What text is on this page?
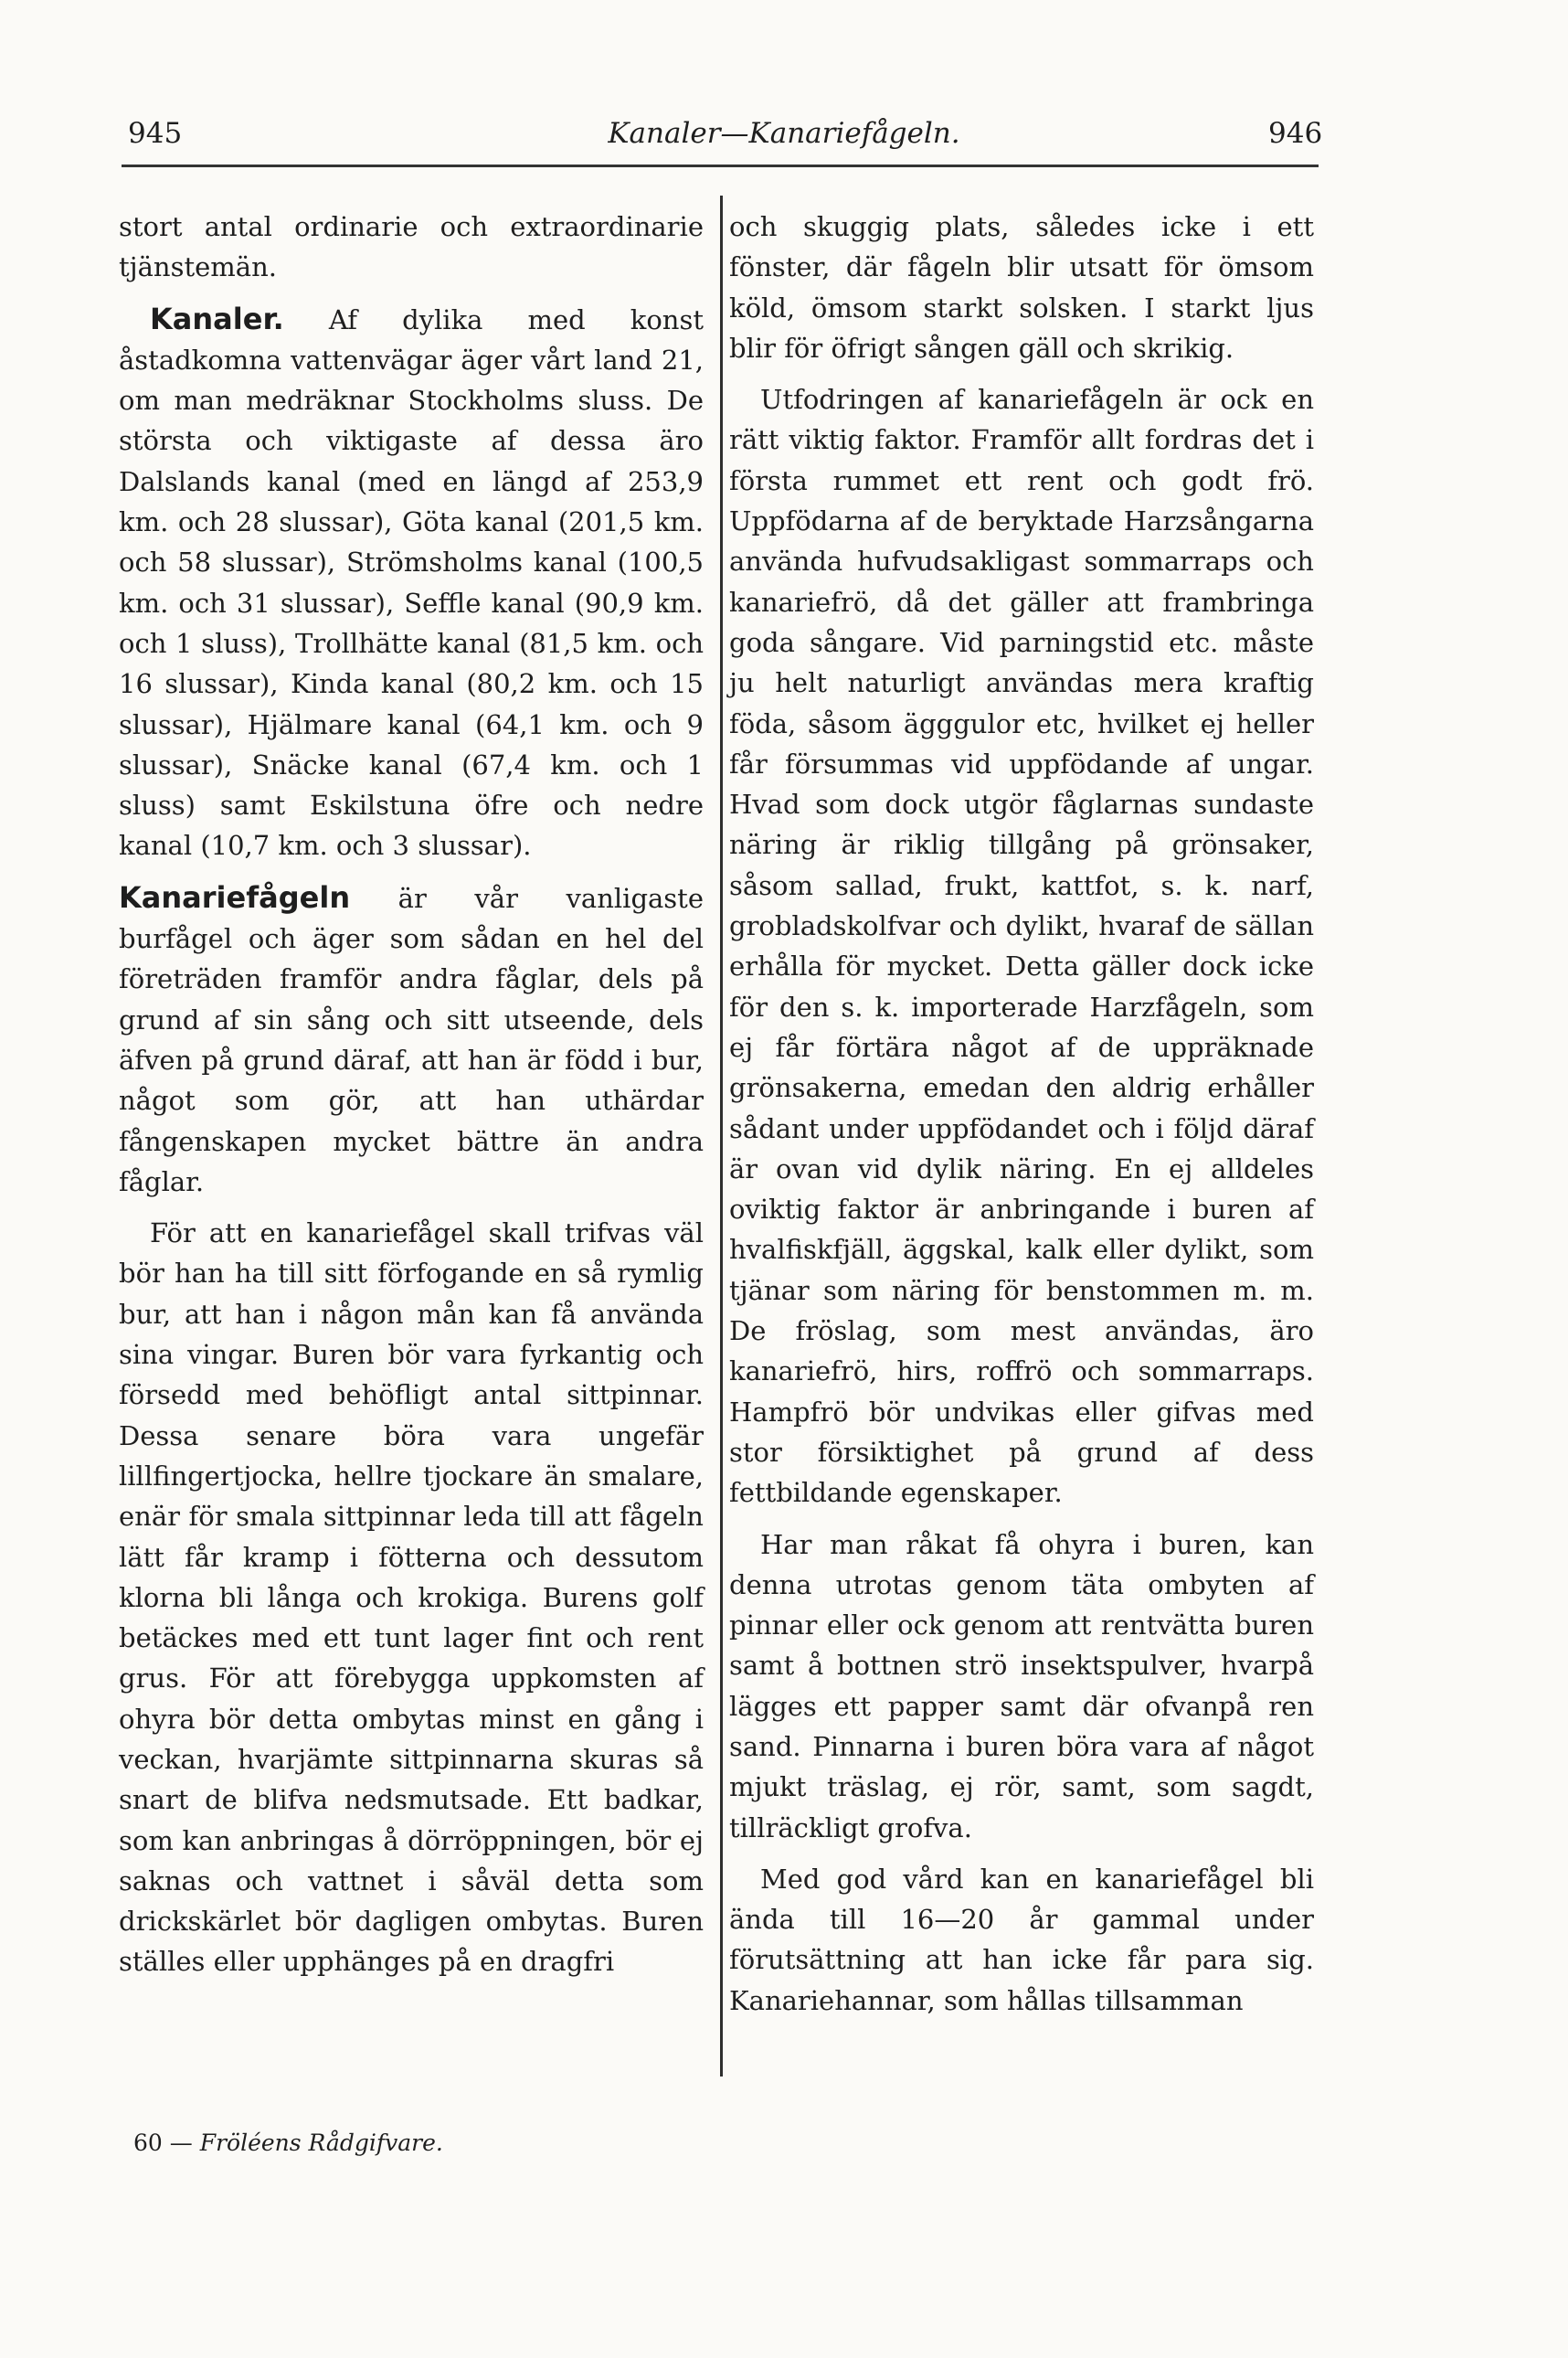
945	Kanaler—Kanariefågeln.	946

stort antal ordinarie och extraordinarie tjänstemän.

Kanaler. Af dylika med konst åstadkomna vattenvägar äger vårt land 21, om man medräknar Stockholms sluss. De största och viktigaste af dessa äro Dalslands kanal (med en längd af 253,9 km. och 28 slussar), Göta kanal (201,5 km. och 58 slussar), Strömsholms kanal (100,5 km. och 31 slussar), Seffle kanal (90,9 km. och 1 sluss), Trollhätte kanal (81,5 km. och 16 slussar), Kinda kanal (80,2 km. och 15 slussar), Hjälmare kanal (64,1 km. och 9 slussar), Snäcke kanal (67,4 km. och 1 sluss) samt Eskilstuna öfre och nedre kanal (10,7 km. och 3 slussar).

Kanariefågeln är vår vanligaste burfågel och äger som sådan en hel del företräden framför andra fåglar, dels på grund af sin sång och sitt utseende, dels äfven på grund däraf, att han är född i bur, något som gör, att han uthärdar fångenskapen mycket bättre än andra fåglar.

För att en kanariefågel skall trifvas väl bör han ha till sitt förfogande en så rymlig bur, att han i någon mån kan få använda sina vingar. Buren bör vara fyrkantig och försedd med behöfligt antal sittpinnar. Dessa senare böra vara ungefär lillfingertjocka, hellre tjockare än smalare, enär för smala sittpinnar leda till att fågeln lätt får kramp i fötterna och dessutom klorna bli långa och krokiga. Burens golf betäckes med ett tunt lager fint och rent grus. För att förebygga uppkomsten af ohyra bör detta ombytas minst en gång i veckan, hvarjämte sittpinnarna skuras så snart de blifva nedsmutsade. Ett badkar, som kan anbringas å dörröppningen, bör ej saknas och vattnet i såväl detta som drickskärlet bör dagligen ombytas. Buren ställes eller upphänges på en dragfri

och skuggig plats, således icke i ett fönster, där fågeln blir utsatt för ömsom köld, ömsom starkt solsken. I starkt ljus blir för öfrigt sången gäll och skrikig.

Utfodringen af kanariefågeln är ock en rätt viktig faktor. Framför allt fordras det i första rummet ett rent och godt frö. Uppfödarna af de beryktade Harzsångarna använda hufvudsakligast sommarraps och kanariefrö, då det gäller att frambringa goda sångare. Vid parningstid etc. måste ju helt naturligt användas mera kraftig föda, såsom ägggulor etc, hvilket ej heller får försummas vid uppfödande af ungar. Hvad som dock utgör fåglarnas sundaste näring är riklig tillgång på grönsaker, såsom sallad, frukt, kattfot, s. k. narf, grobladskolfvar och dylikt, hvaraf de sällan erhålla för mycket. Detta gäller dock icke för den s. k. importerade Harzfågeln, som ej får förtära något af de uppräknade grönsakerna, emedan den aldrig erhåller sådant under uppfödandet och i följd däraf är ovan vid dylik näring. En ej alldeles oviktig faktor är anbringande i buren af hvalfiskfjäll, äggskal, kalk eller dylikt, som tjänar som näring för benstommen m. m. De fröslag, som mest användas, äro kanariefrö, hirs, roffrö och sommarraps. Hampfrö bör undvikas eller gifvas med stor försiktighet på grund af dess fettbildande egenskaper.

Har man råkat få ohyra i buren, kan denna utrotas genom täta ombyten af pinnar eller ock genom att rentvätta buren samt å bottnen strö insektspulver, hvarpå lägges ett papper samt där ofvanpå ren sand. Pinnarna i buren böra vara af något mjukt träslag, ej rör, samt, som sagdt, tillräckligt grofva.

Med god vård kan en kanariefågel bli ända till 16—20 år gammal under förutsättning att han icke får para sig. Kanariehannar, som hållas tillsamman

60 — Fröléens Rådgifvare.
